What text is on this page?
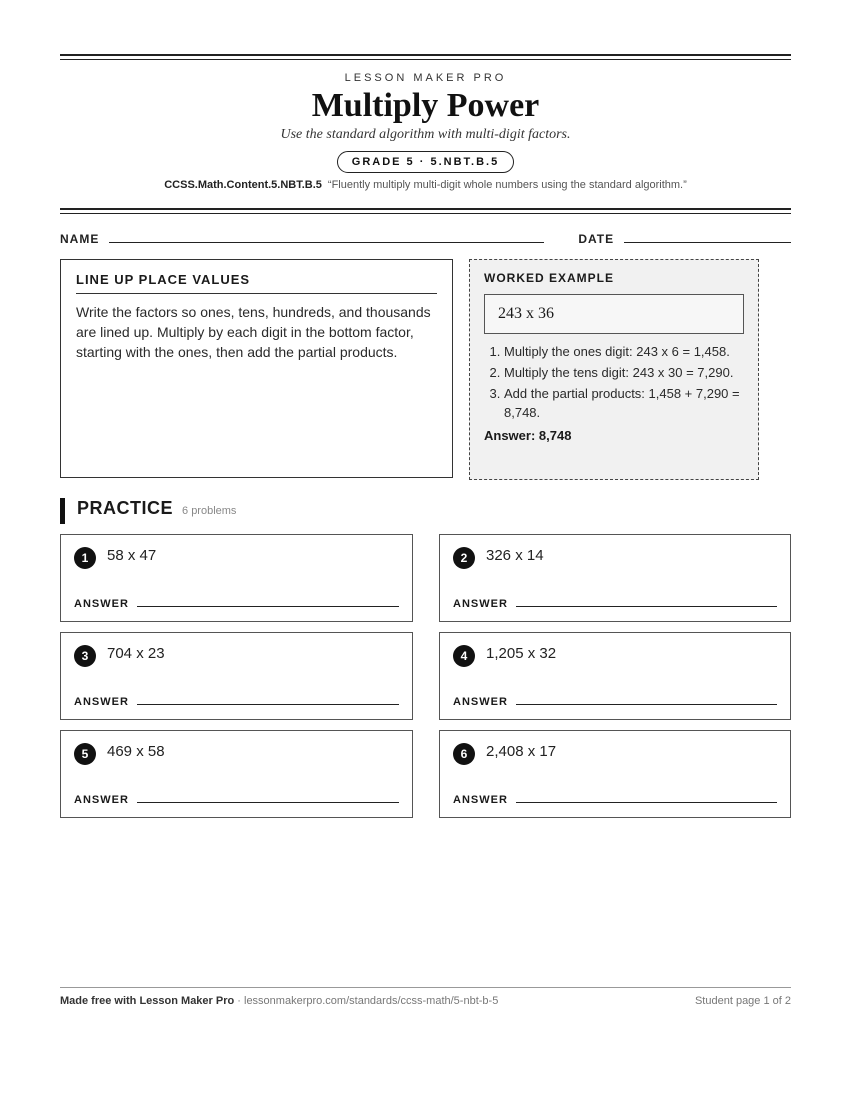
LESSON MAKER PRO
Multiply Power
Use the standard algorithm with multi-digit factors.
GRADE 5 · 5.NBT.B.5
CCSS.Math.Content.5.NBT.B.5 “Fluently multiply multi-digit whole numbers using the standard algorithm.”
NAME	DATE
LINE UP PLACE VALUES
Write the factors so ones, tens, hundreds, and thousands are lined up. Multiply by each digit in the bottom factor, starting with the ones, then add the partial products.
WORKED EXAMPLE
243 x 36
1. Multiply the ones digit: 243 x 6 = 1,458.
2. Multiply the tens digit: 243 x 30 = 7,290.
3. Add the partial products: 1,458 + 7,290 = 8,748.
Answer: 8,748
PRACTICE 6 problems
1	58 x 47
ANSWER
2	326 x 14
ANSWER
3	704 x 23
ANSWER
4	1,205 x 32
ANSWER
5	469 x 58
ANSWER
6	2,408 x 17
ANSWER
Made free with Lesson Maker Pro · lessonmakerpro.com/standards/ccss-math/5-nbt-b-5	Student page 1 of 2
